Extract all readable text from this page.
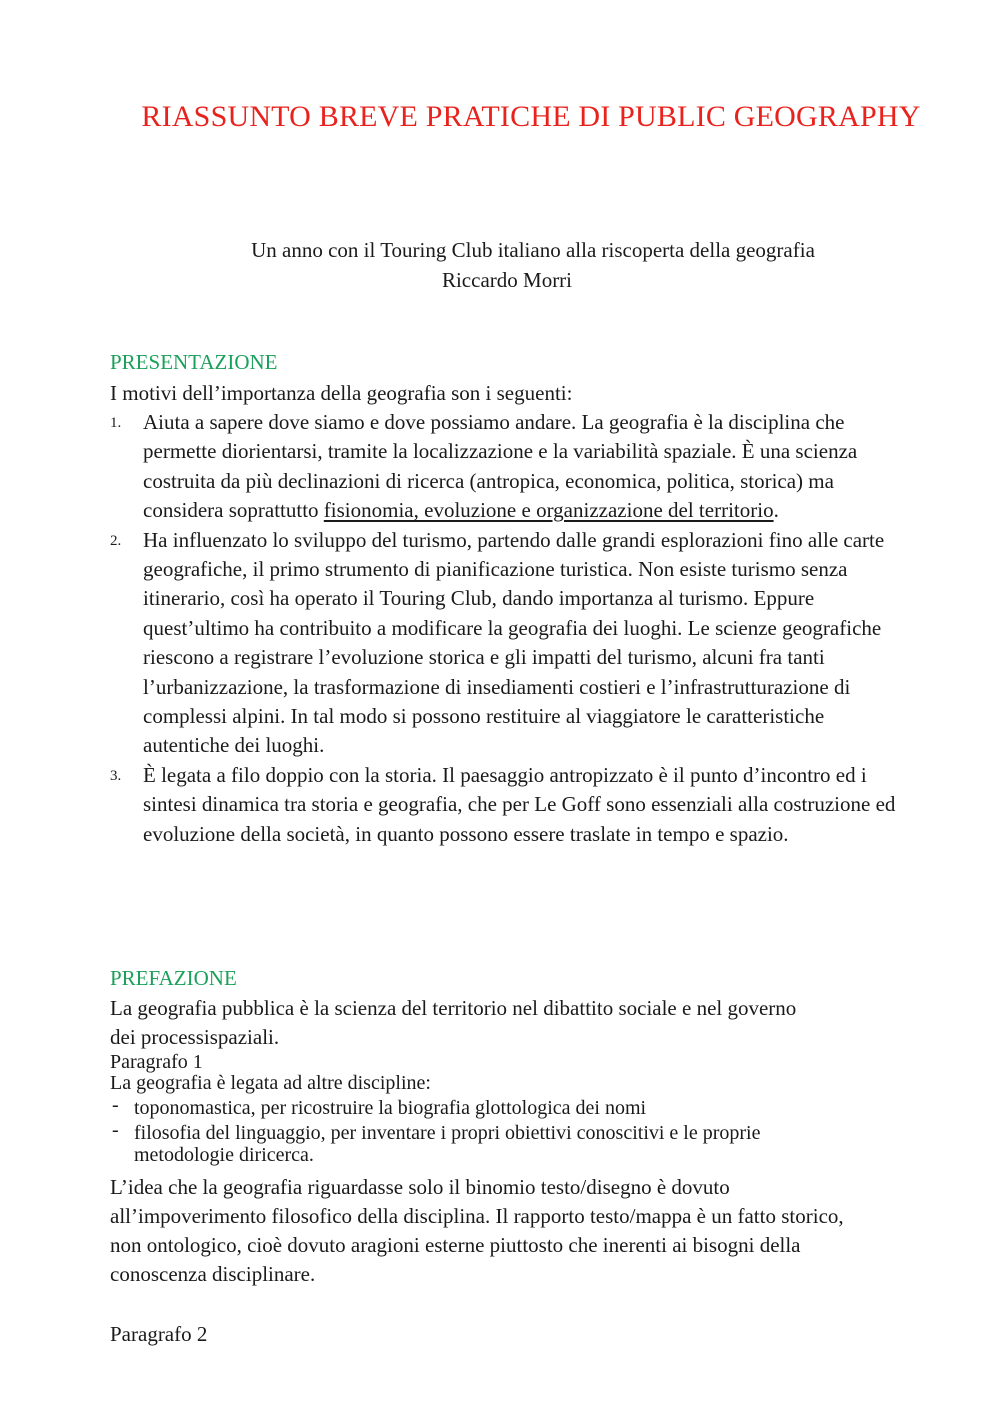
RIASSUNTO BREVE PRATICHE DI PUBLIC GEOGRAPHY

Un anno con il Touring Club italiano alla riscoperta della geografia

Riccardo Morri

PRESENTAZIONE

I motivi dell’importanza della geografia son i seguenti:

1. Aiuta a sapere dove siamo e dove possiamo andare. La geografia è la disciplina che permette diorientarsi, tramite la localizzazione e la variabilità spaziale. È una scienza costruita da più declinazioni di ricerca (antropica, economica, politica, storica) ma considera soprattutto fisionomia, evoluzione e organizzazione del territorio.
2. Ha influenzato lo sviluppo del turismo, partendo dalle grandi esplorazioni fino alle carte geografiche, il primo strumento di pianificazione turistica. Non esiste turismo senza itinerario, così ha operato il Touring Club, dando importanza al turismo. Eppure quest’ultimo ha contribuito a modificare la geografia dei luoghi. Le scienze geografiche riescono a registrare l’evoluzione storica e gli impatti del turismo, alcuni fra tanti l’urbanizzazione, la trasformazione di insediamenti costieri e l’infrastrutturazione di complessi alpini. In tal modo si possono restituire al viaggiatore le caratteristiche autentiche dei luoghi.
3. È legata a filo doppio con la storia. Il paesaggio antropizzato è il punto d’incontro ed i sintesi dinamica tra storia e geografia, che per Le Goff sono essenziali alla costruzione ed evoluzione della società, in quanto possono essere traslate in tempo e spazio.
PREFAZIONE

La geografia pubblica è la scienza del territorio nel dibattito sociale e nel governo dei processispaziali.

Paragrafo 1

La geografia è legata ad altre discipline:

- toponomastica, per ricostruire la biografia glottologica dei nomi
- filosofia del linguaggio, per inventare i propri obiettivi conoscitivi e le proprie metodologie diricerca.

L’idea che la geografia riguardasse solo il binomio testo/disegno è dovuto all’impoverimento filosofico della disciplina. Il rapporto testo/mappa è un fatto storico, non ontologico, cioè dovuto aragioni esterne piuttosto che inerenti ai bisogni della conoscenza disciplinare.

Paragrafo 2
